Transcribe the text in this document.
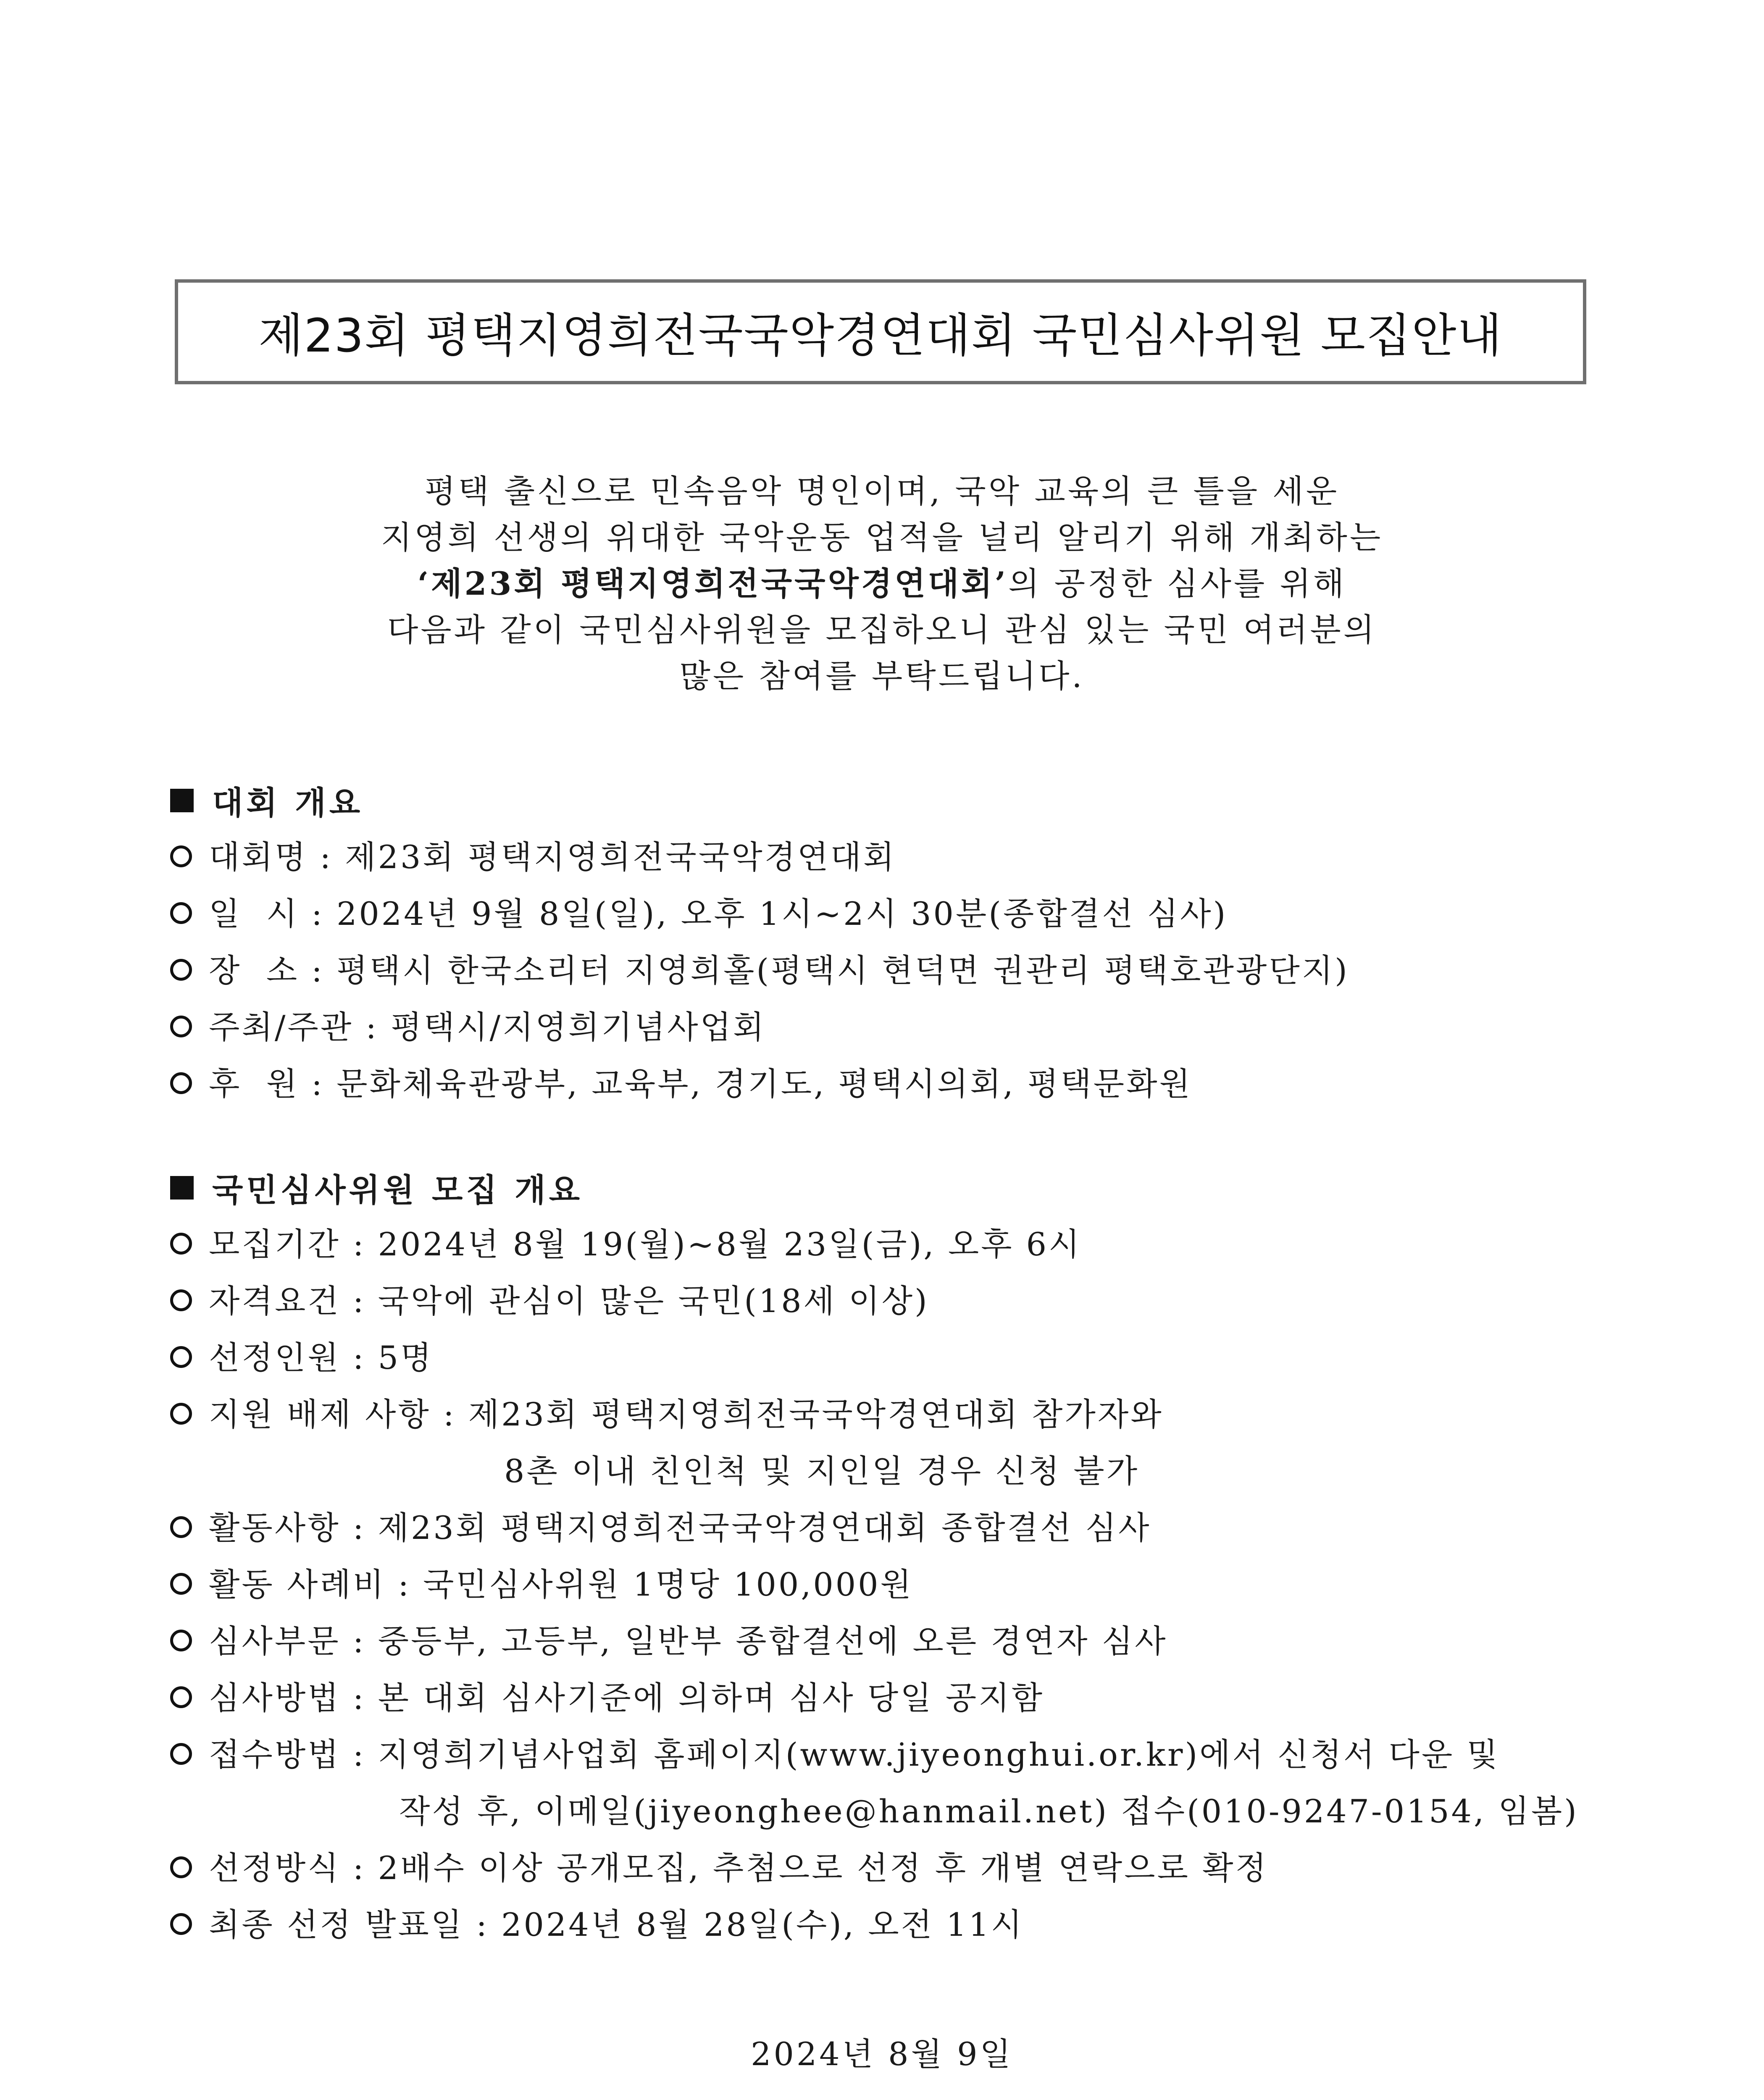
제23회 평택지영희전국국악경연대회 국민심사위원 모집안내
평택 출신으로 민속음악 명인이며, 국악 교육의 큰 틀을 세운
지영희 선생의 위대한 국악운동 업적을 널리 알리기 위해 개최하는
‘제23회 평택지영희전국국악경연대회’의 공정한 심사를 위해
다음과 같이 국민심사위원을 모집하오니 관심 있는 국민 여러분의
많은 참여를 부탁드립니다.
대회 개요
대회명 : 제23회 평택지영희전국국악경연대회
일  시 : 2024년 9월 8일(일), 오후 1시~2시 30분(종합결선 심사)
장  소 : 평택시 한국소리터 지영희홀(평택시 현덕면 권관리 평택호관광단지)
주최/주관 : 평택시/지영희기념사업회
후  원 : 문화체육관광부, 교육부, 경기도, 평택시의회, 평택문화원
국민심사위원 모집 개요
모집기간 : 2024년 8월 19(월)~8월 23일(금), 오후 6시
자격요건 : 국악에 관심이 많은 국민(18세 이상)
선정인원 : 5명
지원 배제 사항 : 제23회 평택지영희전국국악경연대회 참가자와
8촌 이내 친인척 및 지인일 경우 신청 불가
활동사항 : 제23회 평택지영희전국국악경연대회 종합결선 심사
활동 사례비 : 국민심사위원 1명당 100,000원
심사부문 : 중등부, 고등부, 일반부 종합결선에 오른 경연자 심사
심사방법 : 본 대회 심사기준에 의하며 심사 당일 공지함
접수방법 : 지영희기념사업회 홈페이지(www.jiyeonghui.or.kr)에서 신청서 다운 및
작성 후, 이메일(jiyeonghee@hanmail.net) 접수(010-9247-0154, 임봄)
선정방식 : 2배수 이상 공개모집, 추첨으로 선정 후 개별 연락으로 확정
최종 선정 발표일 : 2024년 8월 28일(수), 오전 11시
2024년 8월 9일
